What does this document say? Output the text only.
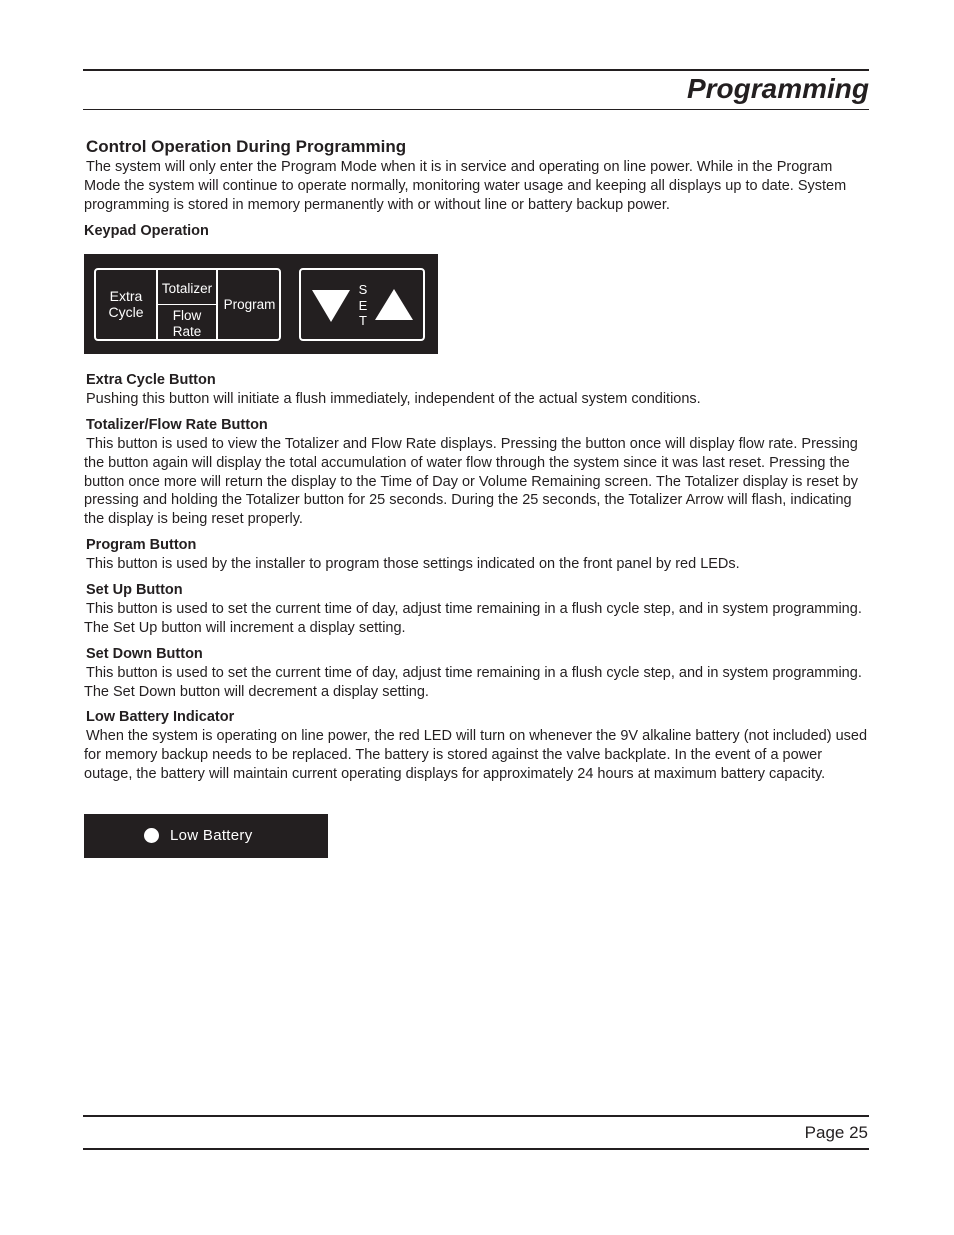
Programming
Control Operation During Programming

The system will only enter the Program Mode when it is in service and operating on line power. While in the Program Mode the system will continue to operate normally, monitoring water usage and keeping all displays up to date. System programming is stored in memory permanently with or without line or battery backup power.

Keypad Operation
Extra
Cycle
Totalizer
Flow
Rate
Program
S
E
T
Extra Cycle Button

Pushing this button will initiate a flush immediately, independent of the actual system conditions.

Totalizer/Flow Rate Button

This button is used to view the Totalizer and Flow Rate displays. Pressing the button once will display flow rate. Pressing the button again will display the total accumulation of water flow through the system since it was last reset. Pressing the button once more will return the display to the Time of Day or Volume Remaining screen. The Totalizer display is reset by pressing and holding the Totalizer button for 25 seconds. During the 25 seconds, the Totalizer Arrow will flash, indicating the display is being reset properly.

Program Button

This button is used by the installer to program those settings indicated on the front panel by red LEDs.

Set Up Button

This button is used to set the current time of day, adjust time remaining in a flush cycle step, and in system programming. The Set Up button will increment a display setting.

Set Down Button

This button is used to set the current time of day, adjust time remaining in a flush cycle step, and in system programming. The Set Down button will decrement a display setting.

Low Battery Indicator

When the system is operating on line power, the red LED will turn on whenever the 9V alkaline battery (not included) used for memory backup needs to be replaced. The battery is stored against the valve backplate. In the event of a power outage, the battery will maintain current operating displays for approximately 24 hours at maximum battery capacity.

Low Battery
Page 25
